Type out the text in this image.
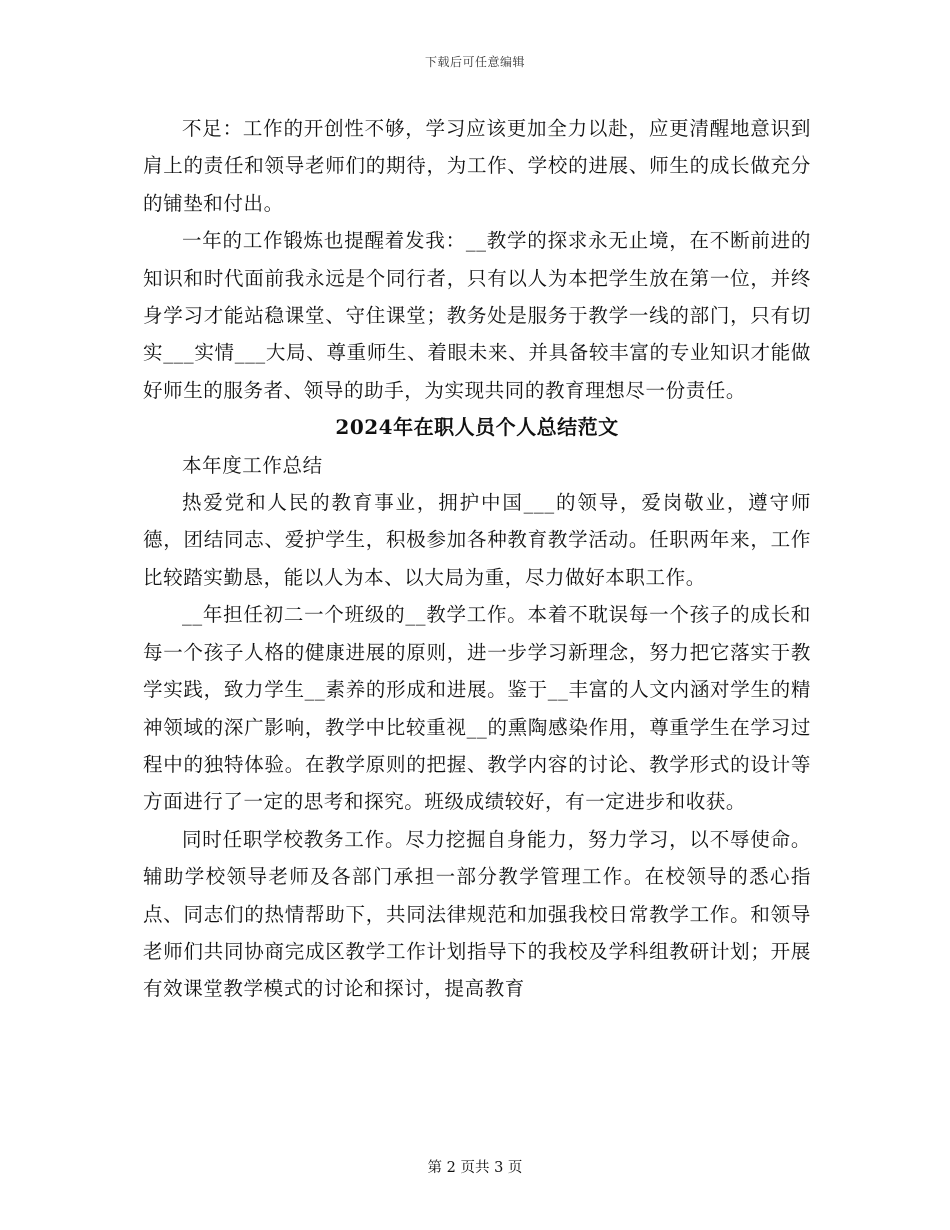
下载后可任意编辑

不足：工作的开创性不够，学习应该更加全力以赴，应更清醒地意识到肩上的责任和领导老师们的期待，为工作、学校的进展、师生的成长做充分的铺垫和付出。

一年的工作锻炼也提醒着发我：__教学的探求永无止境，在不断前进的知识和时代面前我永远是个同行者，只有以人为本把学生放在第一位，并终身学习才能站稳课堂、守住课堂；教务处是服务于教学一线的部门，只有切实___实情___大局、尊重师生、着眼未来、并具备较丰富的专业知识才能做好师生的服务者、领导的助手，为实现共同的教育理想尽一份责任。

2024年在职人员个人总结范文

本年度工作总结

热爱党和人民的教育事业，拥护中国___的领导，爱岗敬业，遵守师德，团结同志、爱护学生，积极参加各种教育教学活动。任职两年来，工作比较踏实勤恳，能以人为本、以大局为重，尽力做好本职工作。

__年担任初二一个班级的__教学工作。本着不耽误每一个孩子的成长和每一个孩子人格的健康进展的原则，进一步学习新理念，努力把它落实于教学实践，致力学生__素养的形成和进展。鉴于__丰富的人文内涵对学生的精神领域的深广影响，教学中比较重视__的熏陶感染作用，尊重学生在学习过程中的独特体验。在教学原则的把握、教学内容的讨论、教学形式的设计等方面进行了一定的思考和探究。班级成绩较好，有一定进步和收获。

同时任职学校教务工作。尽力挖掘自身能力，努力学习，以不辱使命。辅助学校领导老师及各部门承担一部分教学管理工作。在校领导的悉心指点、同志们的热情帮助下，共同法律规范和加强我校日常教学工作。和领导老师们共同协商完成区教学工作计划指导下的我校及学科组教研计划；开展有效课堂教学模式的讨论和探讨，提高教育

第 2 页共 3 页
